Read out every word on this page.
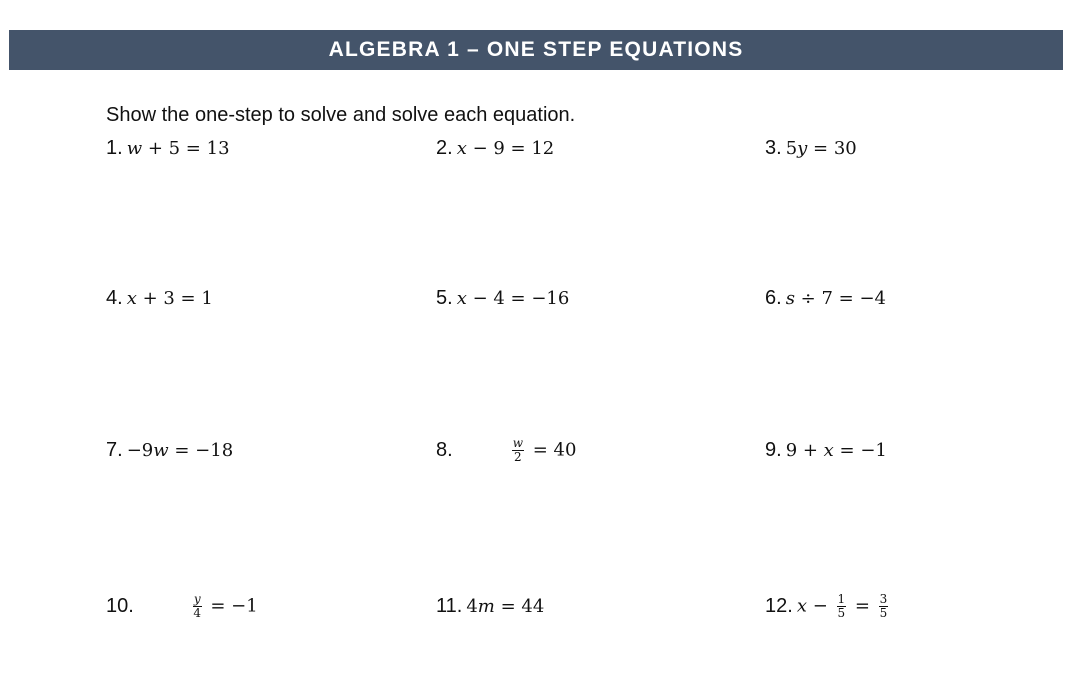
ALGEBRA 1 – ONE STEP EQUATIONS
Show the one-step to solve and solve each equation.
1. w + 5 = 13	2. x − 9 = 12	3. 5y = 30
4. x + 3 = 1	5. x − 4 = −16	6. s ÷ 7 = −4
7. −9w = −18	8.	$\frac{w}{2} = 40$	9. 9 + x = −1
10.	$\frac{y}{4} = -1$	11. 4m = 44	12. $x - \frac{1}{5} = \frac{3}{5}$
